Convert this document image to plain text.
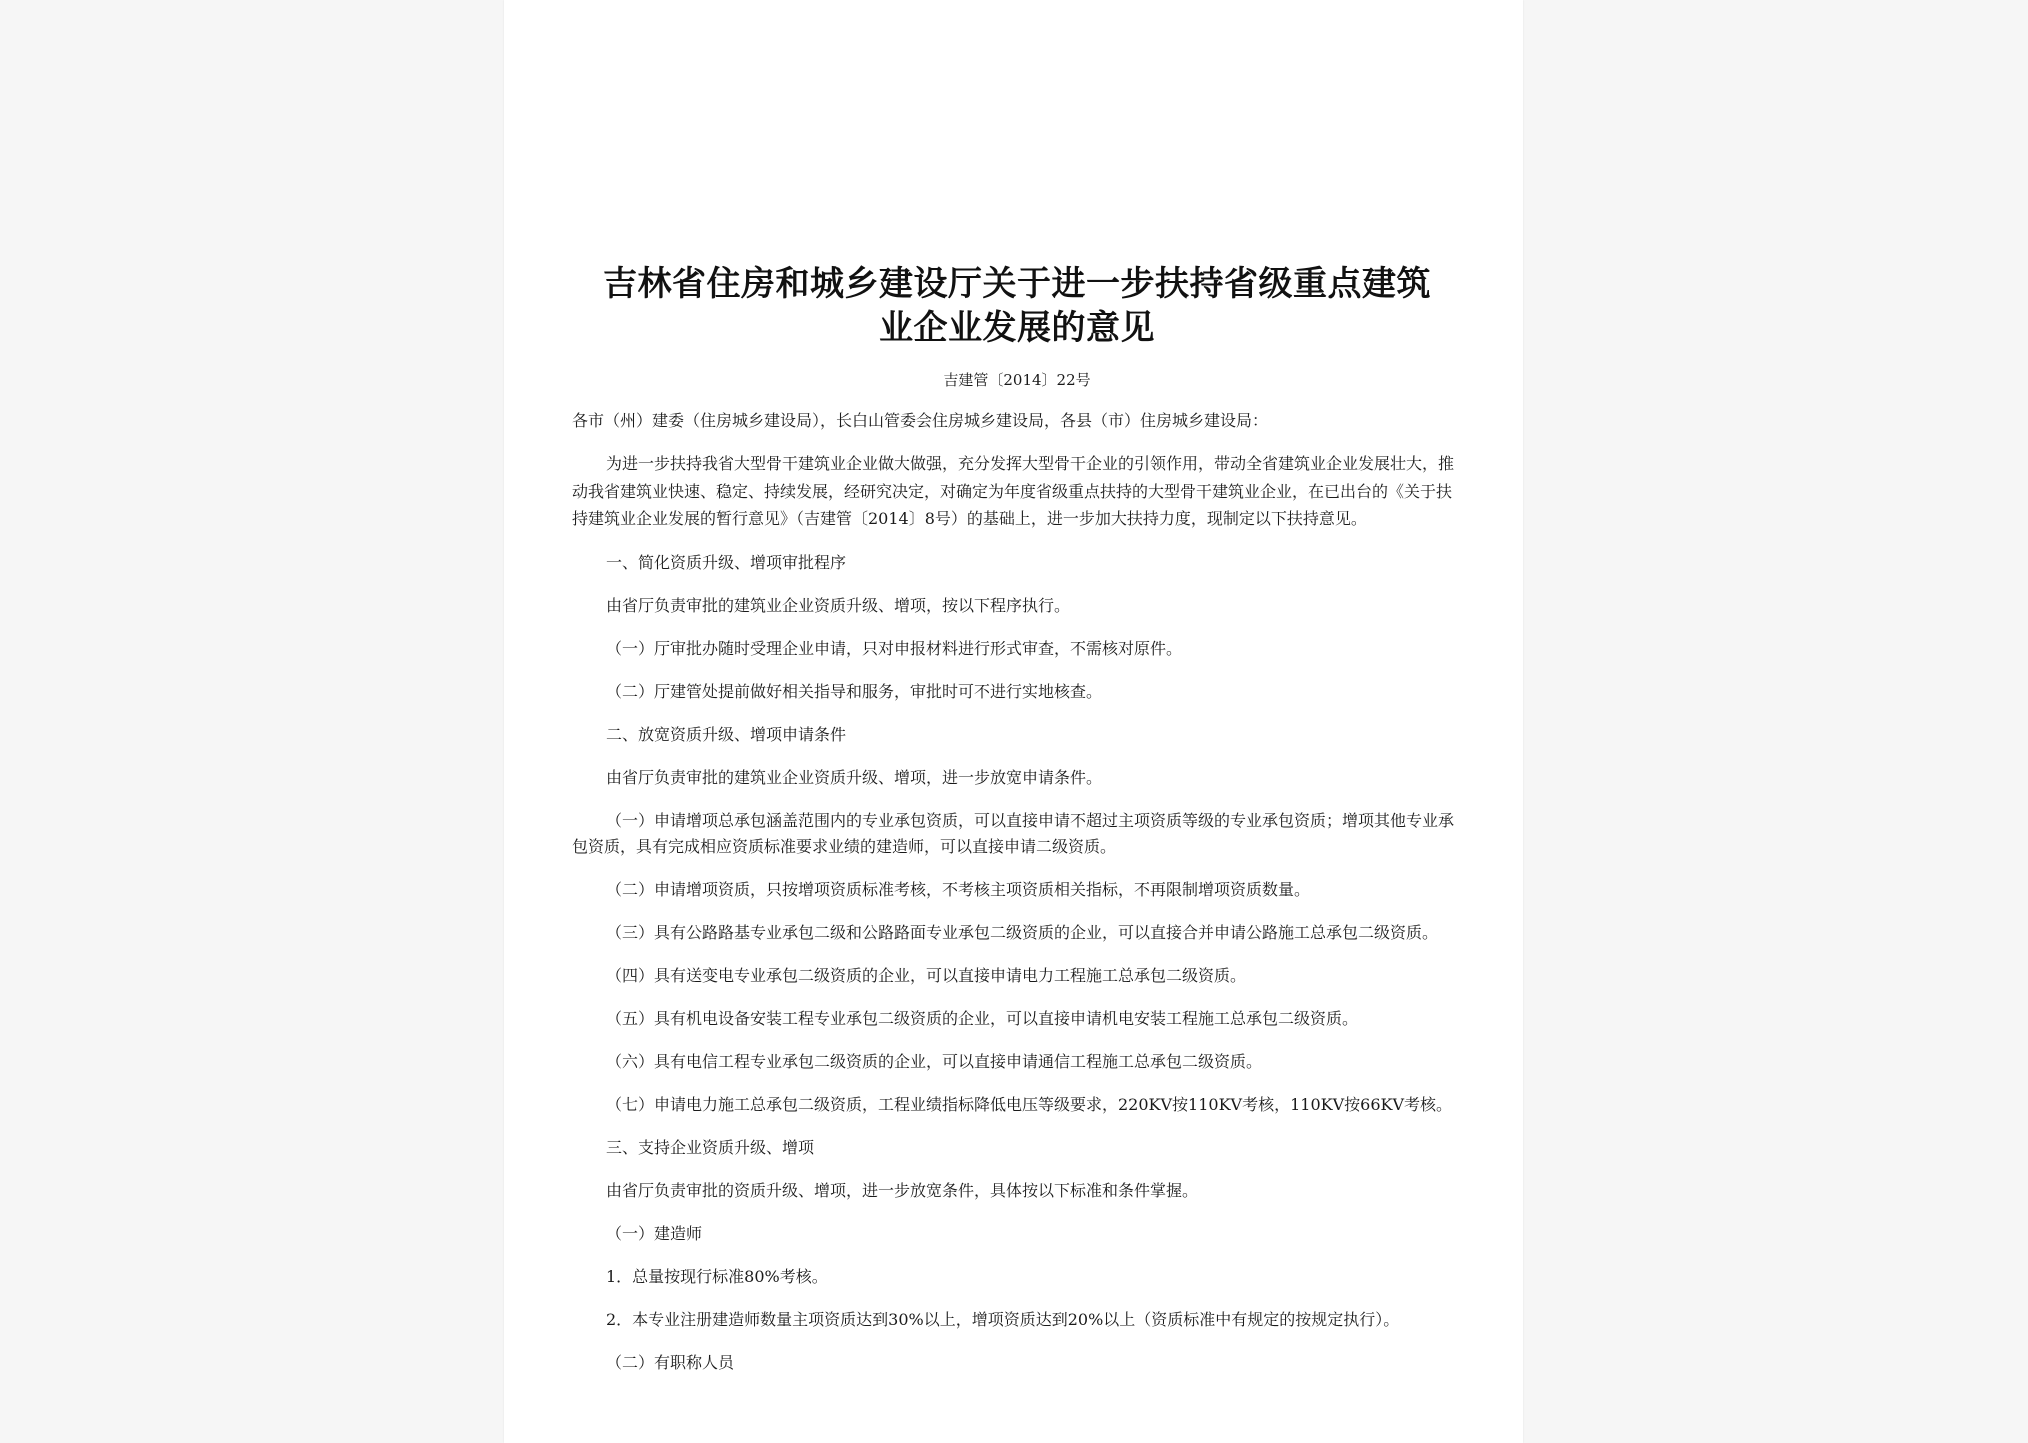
吉林省住房和城乡建设厅关于进一步扶持省级重点建筑
业企业发展的意见
吉建管〔2014〕22号

各市（州）建委（住房城乡建设局），长白山管委会住房城乡建设局，各县（市）住房城乡建设局：

为进一步扶持我省大型骨干建筑业企业做大做强，充分发挥大型骨干企业的引领作用，带动全省建筑业企业发展壮大，推动我省建筑业快速、稳定、持续发展，经研究决定，对确定为年度省级重点扶持的大型骨干建筑业企业，在已出台的《关于扶持建筑业企业发展的暂行意见》（吉建管〔2014〕8号）的基础上，进一步加大扶持力度，现制定以下扶持意见。

一、简化资质升级、增项审批程序

由省厅负责审批的建筑业企业资质升级、增项，按以下程序执行。

（一）厅审批办随时受理企业申请，只对申报材料进行形式审查，不需核对原件。

（二）厅建管处提前做好相关指导和服务，审批时可不进行实地核查。

二、放宽资质升级、增项申请条件

由省厅负责审批的建筑业企业资质升级、增项，进一步放宽申请条件。

（一）申请增项总承包涵盖范围内的专业承包资质，可以直接申请不超过主项资质等级的专业承包资质；增项其他专业承包资质，具有完成相应资质标准要求业绩的建造师，可以直接申请二级资质。

（二）申请增项资质，只按增项资质标准考核，不考核主项资质相关指标，不再限制增项资质数量。

（三）具有公路路基专业承包二级和公路路面专业承包二级资质的企业，可以直接合并申请公路施工总承包二级资质。

（四）具有送变电专业承包二级资质的企业，可以直接申请电力工程施工总承包二级资质。

（五）具有机电设备安装工程专业承包二级资质的企业，可以直接申请机电安装工程施工总承包二级资质。

（六）具有电信工程专业承包二级资质的企业，可以直接申请通信工程施工总承包二级资质。

（七）申请电力施工总承包二级资质，工程业绩指标降低电压等级要求，220KV按110KV考核，110KV按66KV考核。

三、支持企业资质升级、增项

由省厅负责审批的资质升级、增项，进一步放宽条件，具体按以下标准和条件掌握。

（一）建造师

1．总量按现行标准80%考核。

2．本专业注册建造师数量主项资质达到30%以上，增项资质达到20%以上（资质标准中有规定的按规定执行）。

（二）有职称人员
